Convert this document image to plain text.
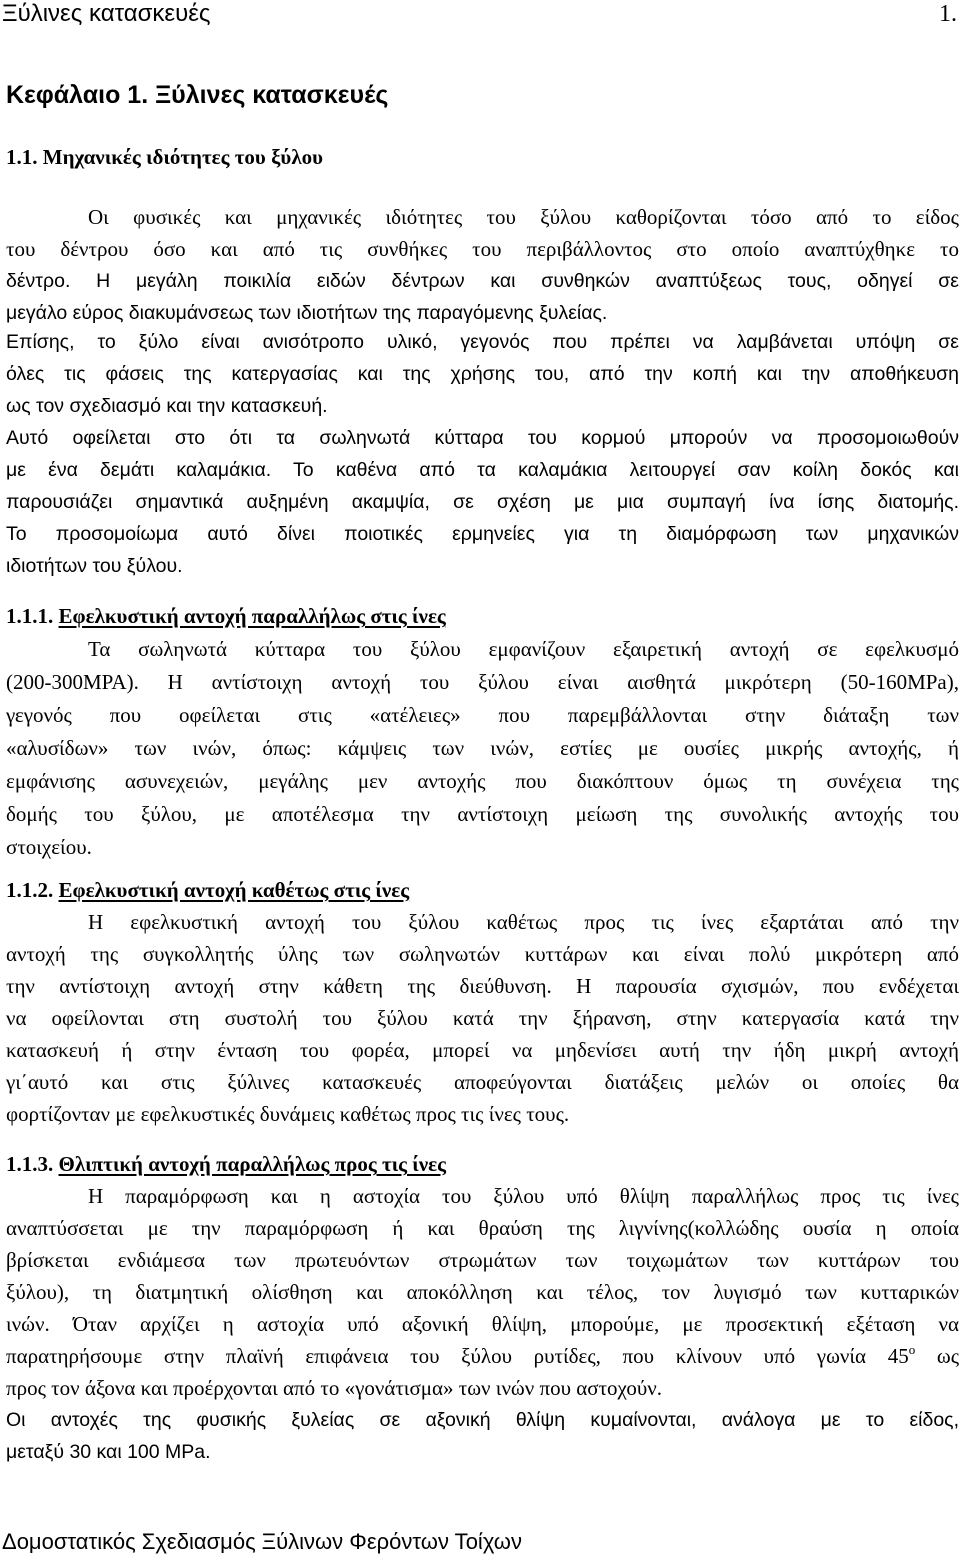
Ξύλινες κατασκευές	1.
Κεφάλαιο 1. Ξύλινες κατασκευές
1.1. Μηχανικές ιδιότητες του ξύλου
Οι φυσικές και μηχανικές ιδιότητες του ξύλου καθορίζονται τόσο από το είδος
του δέντρου όσο και από τις συνθήκες του περιβάλλοντος στο οποίο αναπτύχθηκε το
δέντρο. Η μεγάλη ποικιλία ειδών δέντρων και συνθηκών αναπτύξεως τους, οδηγεί σε
μεγάλο εύρος διακυμάνσεως των ιδιοτήτων της παραγόμενης ξυλείας.
Επίσης, το ξύλο είναι ανισότροπο υλικό, γεγονός που πρέπει να λαμβάνεται υπόψη σε
όλες τις φάσεις της κατεργασίας και της χρήσης του, από την κοπή και την αποθήκευση
ως τον σχεδιασμό και την κατασκευή.
Αυτό οφείλεται στο ότι τα σωληνωτά κύτταρα του κορμού μπορούν να προσομοιωθούν
με ένα δεμάτι καλαμάκια. Το καθένα από τα καλαμάκια λειτουργεί σαν κοίλη δοκός και
παρουσιάζει σημαντικά αυξημένη ακαμψία, σε σχέση με μια συμπαγή ίνα ίσης διατομής.
Το προσομοίωμα αυτό δίνει ποιοτικές ερμηνείες για τη διαμόρφωση των μηχανικών
ιδιοτήτων του ξύλου.
1.1.1. Εφελκυστική αντοχή παραλλήλως στις ίνες
Τα σωληνωτά κύτταρα του ξύλου εμφανίζουν εξαιρετική αντοχή σε εφελκυσμό
(200-300MPA). Η αντίστοιχη αντοχή του ξύλου είναι αισθητά μικρότερη (50-160MPa),
γεγονός που οφείλεται στις «ατέλειες» που παρεμβάλλονται στην διάταξη των
«αλυσίδων» των ινών, όπως: κάμψεις των ινών, εστίες με ουσίες μικρής αντοχής, ή
εμφάνισης ασυνεχειών, μεγάλης μεν αντοχής που διακόπτουν όμως τη συνέχεια της
δομής του ξύλου, με αποτέλεσμα την αντίστοιχη μείωση της συνολικής αντοχής του
στοιχείου.
1.1.2. Εφελκυστική αντοχή καθέτως στις ίνες
Η εφελκυστική αντοχή του ξύλου καθέτως προς τις ίνες εξαρτάται από την
αντοχή της συγκολλητής ύλης των σωληνωτών κυττάρων και είναι πολύ μικρότερη από
την αντίστοιχη αντοχή στην κάθετη της διεύθυνση. Η παρουσία σχισμών, που ενδέχεται
να οφείλονται στη συστολή του ξύλου κατά την ξήρανση, στην κατεργασία κατά την
κατασκευή ή στην ένταση του φορέα, μπορεί να μηδενίσει αυτή την ήδη μικρή αντοχή
γι΄αυτό και στις ξύλινες κατασκευές αποφεύγονται διατάξεις μελών οι οποίες θα
φορτίζονταν με εφελκυστικές δυνάμεις καθέτως προς τις ίνες τους.
1.1.3. Θλιπτική αντοχή παραλλήλως προς τις ίνες
Η παραμόρφωση και η αστοχία του ξύλου υπό θλίψη παραλλήλως προς τις ίνες
αναπτύσσεται με την παραμόρφωση ή και θραύση της λιγνίνης(κολλώδης ουσία η οποία
βρίσκεται ενδιάμεσα των πρωτευόντων στρωμάτων των τοιχωμάτων των κυττάρων του
ξύλου), τη διατμητική ολίσθηση και αποκόλληση και τέλος, τον λυγισμό των κυτταρικών
ινών. Όταν αρχίζει η αστοχία υπό αξονική θλίψη, μπορούμε, με προσεκτική εξέταση να
παρατηρήσουμε στην πλαϊνή επιφάνεια του ξύλου ρυτίδες, που κλίνουν υπό γωνία $45^o$ ως
προς τον άξονα και προέρχονται από το «γονάτισμα» των ινών που αστοχούν.
Οι αντοχές της φυσικής ξυλείας σε αξονική θλίψη κυμαίνονται, ανάλογα με το είδος,
μεταξύ 30 και 100 MPa.
Δομοστατικός Σχεδιασμός Ξύλινων Φερόντων Τοίχων
